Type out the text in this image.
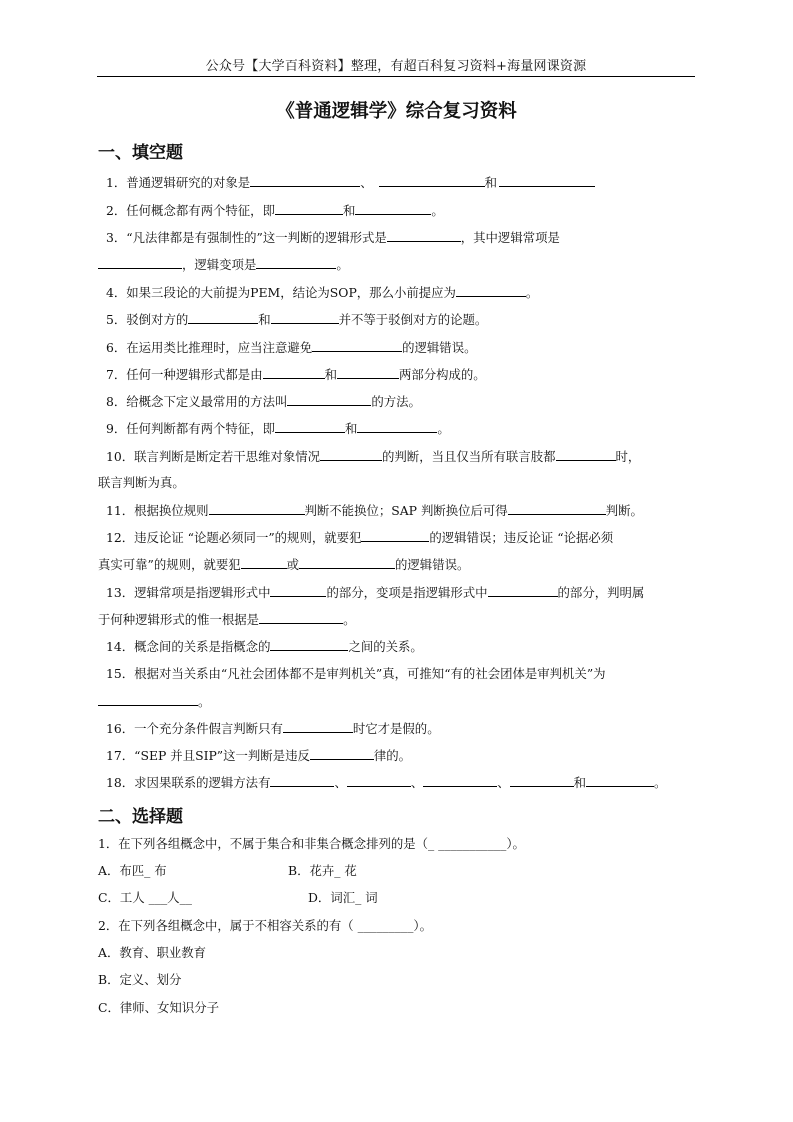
公众号【大学百科资料】整理，有超百科复习资料+海量网课资源
《普通逻辑学》综合复习资料
一、填空题
1．普通逻辑研究的对象是	、	和
2．任何概念都有两个特征，即	和	。
3．“凡法律都是有强制性的”这一判断的逻辑形式是	，其中逻辑常项是
，逻辑变项是	。
4．如果三段论的大前提为PEM，结论为SOP，那么小前提应为	。
5．驳倒对方的	和	并不等于驳倒对方的论题。
6．在运用类比推理时，应当注意避免	的逻辑错误。
7．任何一种逻辑形式都是由	和	两部分构成的。
8．给概念下定义最常用的方法叫	的方法。
9．任何判断都有两个特征，即	和	。
10．联言判断是断定若干思维对象情况	的判断，当且仅当所有联言肢都	时，
联言判断为真。
11．根据换位规则	判断不能换位；SAP 判断换位后可得	判断。
12．违反论证 “论题必须同一”的规则，就要犯	的逻辑错误；违反论证 “论据必须
真实可靠”的规则，就要犯	或	的逻辑错误。
13．逻辑常项是指逻辑形式中	的部分，变项是指逻辑形式中	的部分，判明属
于何种逻辑形式的惟一根据是	。
14．概念间的关系是指概念的	之间的关系。
15．根据对当关系由“凡社会团体都不是审判机关”真，可推知“有的社会团体是审判机关”为
。
16．一个充分条件假言判断只有	时它才是假的。
17．“SEP 并且SIP”这一判断是违反	律的。
18．求因果联系的逻辑方法有	、	、	、	和	。
二、选择题
1．在下列各组概念中，不属于集合和非集合概念排列的是（_ ___________）。
A．布匹_ 布	B．花卉_ 花
C．工人 ___人__	D．词汇_ 词
2．在下列各组概念中，属于不相容关系的有（ _________）。
A．教育、职业教育
B．定义、划分
C．律师、女知识分子
